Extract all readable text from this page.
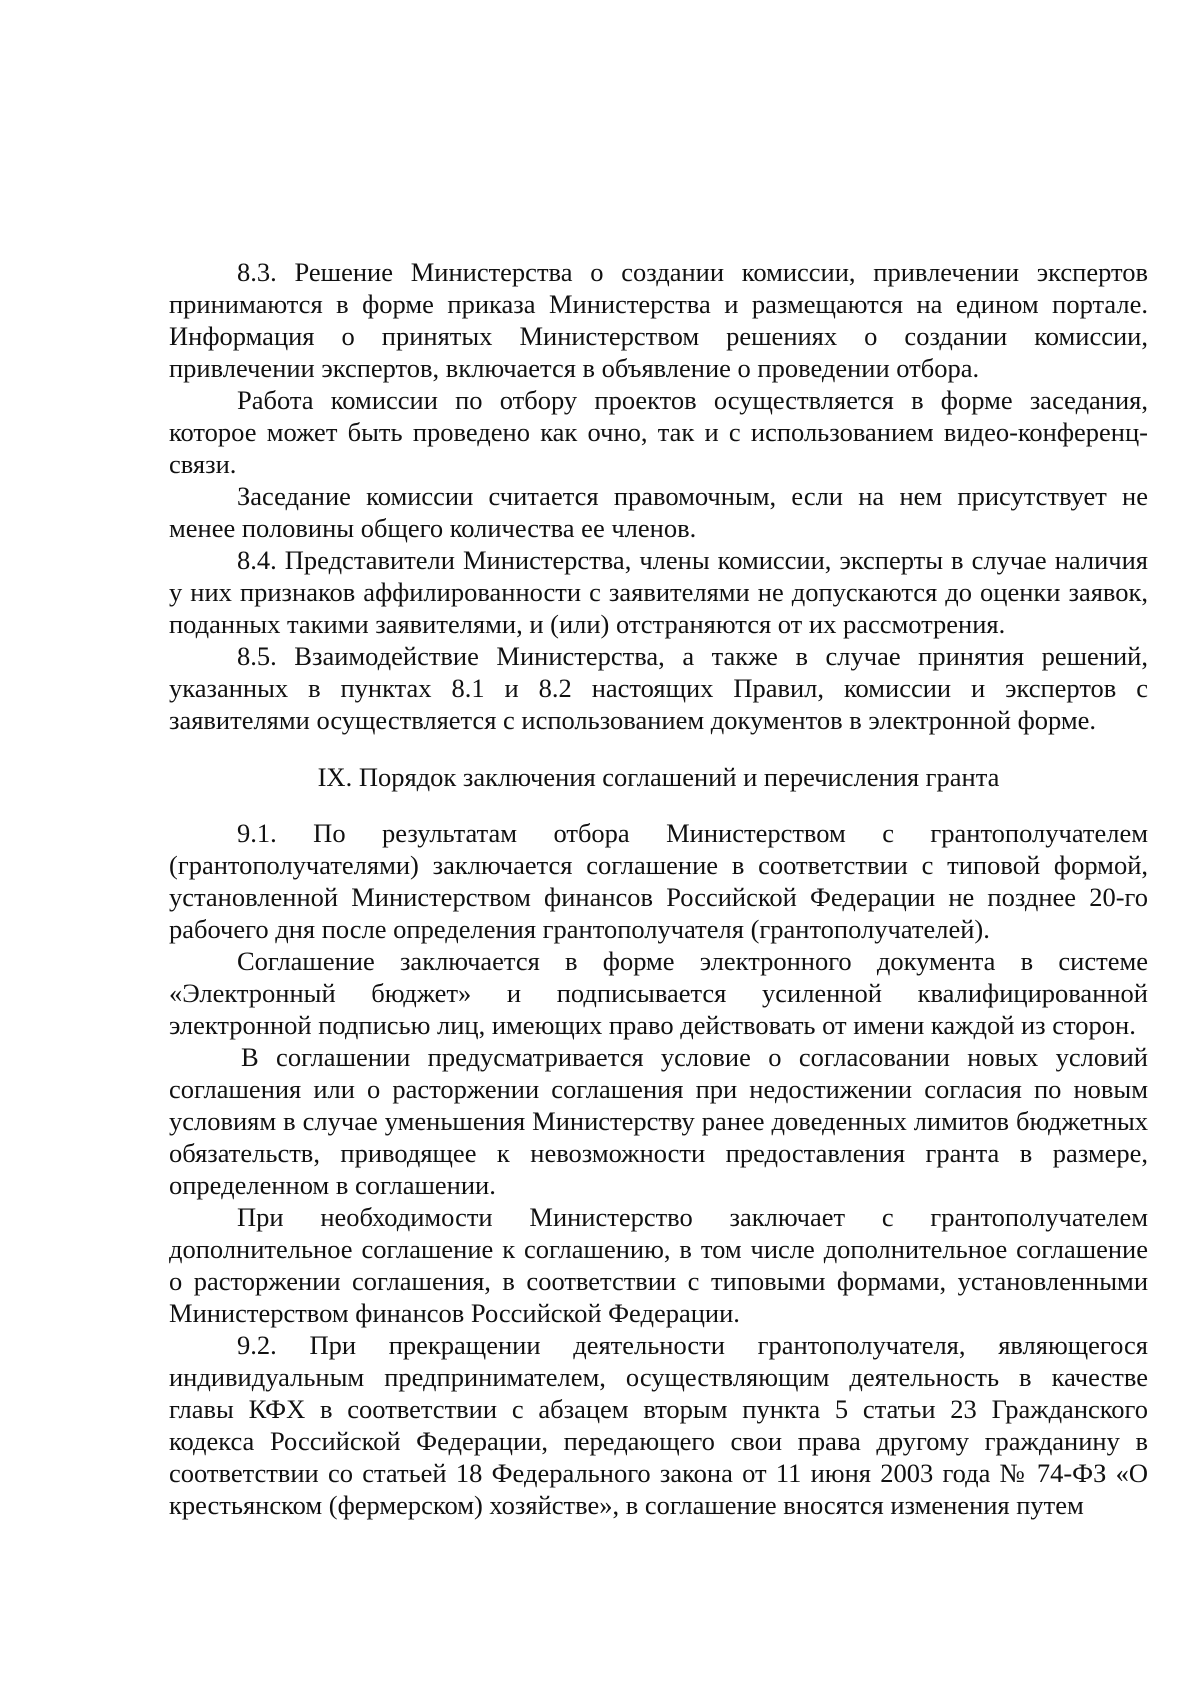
8.3. Решение Министерства о создании комиссии, привлечении экспертов принимаются в форме приказа Министерства и размещаются на едином портале. Информация о принятых Министерством решениях о создании комиссии, привлечении экспертов, включается в объявление о проведении отбора.

Работа комиссии по отбору проектов осуществляется в форме заседания, которое может быть проведено как очно, так и с использованием видео-конференц-связи.

Заседание комиссии считается правомочным, если на нем присутствует не менее половины общего количества ее членов.

8.4. Представители Министерства, члены комиссии, эксперты в случае наличия у них признаков аффилированности с заявителями не допускаются до оценки заявок, поданных такими заявителями, и (или) отстраняются от их рассмотрения.

8.5. Взаимодействие Министерства, а также в случае принятия решений, указанных в пунктах 8.1 и 8.2 настоящих Правил, комиссии и экспертов с заявителями осуществляется с использованием документов в электронной форме.

IX. Порядок заключения соглашений и перечисления гранта

9.1. По результатам отбора Министерством с грантополучателем (грантополучателями) заключается соглашение в соответствии с типовой формой, установленной Министерством финансов Российской Федерации не позднее 20-го рабочего дня после определения грантополучателя (грантополучателей).

Соглашение заключается в форме электронного документа в системе «Электронный бюджет» и подписывается усиленной квалифицированной электронной подписью лиц, имеющих право действовать от имени каждой из сторон.

В соглашении предусматривается условие о согласовании новых условий соглашения или о расторжении соглашения при недостижении согласия по новым условиям в случае уменьшения Министерству ранее доведенных лимитов бюджетных обязательств, приводящее к невозможности предоставления гранта в размере, определенном в соглашении.

При необходимости Министерство заключает с грантополучателем дополнительное соглашение к соглашению, в том числе дополнительное соглашение о расторжении соглашения, в соответствии с типовыми формами, установленными Министерством финансов Российской Федерации.

9.2. При прекращении деятельности грантополучателя, являющегося индивидуальным предпринимателем, осуществляющим деятельность в качестве главы КФХ в соответствии с абзацем вторым пункта 5 статьи 23 Гражданского кодекса Российской Федерации, передающего свои права другому гражданину в соответствии со статьей 18 Федерального закона от 11 июня 2003 года № 74-ФЗ «О крестьянском (фермерском) хозяйстве», в соглашение вносятся изменения путем
